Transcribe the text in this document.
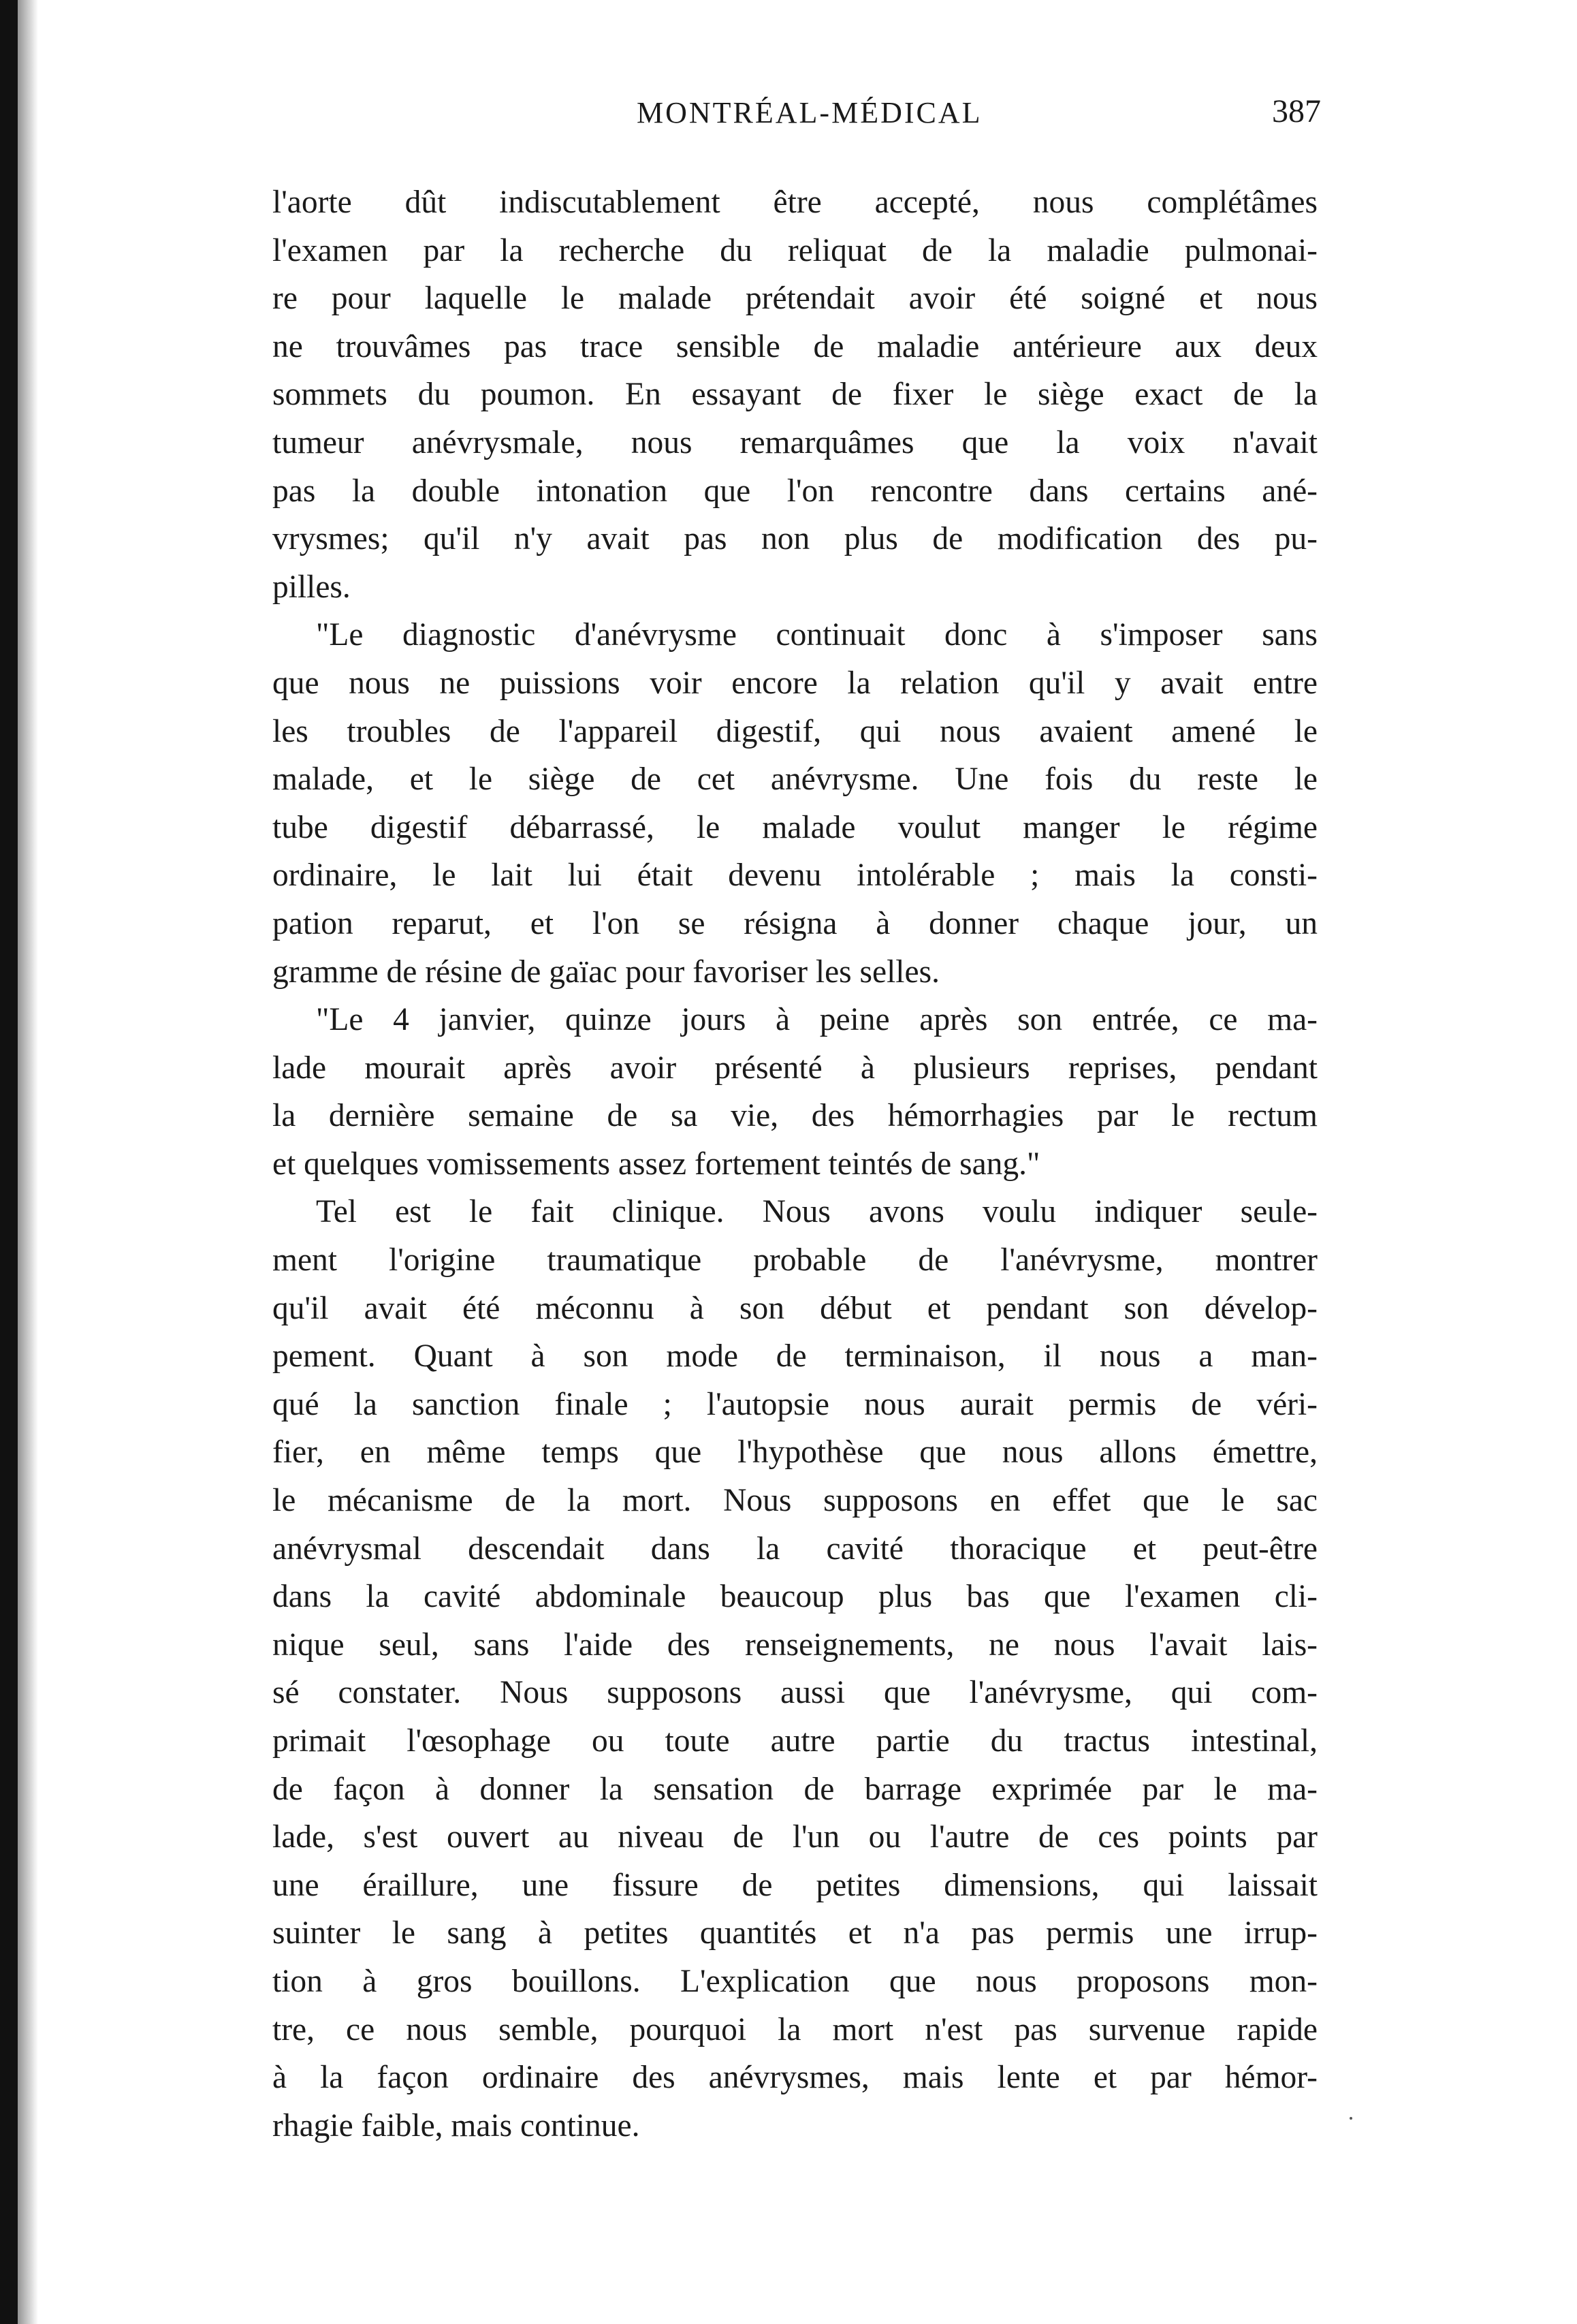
MONTRÉAL-MÉDICAL	387
l'aorte dût indiscutablement être accepté, nous complétâmes
l'examen par la recherche du reliquat de la maladie pulmonai-
re pour laquelle le malade prétendait avoir été soigné et nous
ne trouvâmes pas trace sensible de maladie antérieure aux deux
sommets du poumon. En essayant de fixer le siège exact de la
tumeur anévrysmale, nous remarquâmes que la voix n'avait
pas la double intonation que l'on rencontre dans certains ané-
vrysmes; qu'il n'y avait pas non plus de modification des pu-
pilles.
"Le diagnostic d'anévrysme continuait donc à s'imposer sans
que nous ne puissions voir encore la relation qu'il y avait entre
les troubles de l'appareil digestif, qui nous avaient amené le
malade, et le siège de cet anévrysme. Une fois du reste le
tube digestif débarrassé, le malade voulut manger le régime
ordinaire, le lait lui était devenu intolérable ; mais la consti-
pation reparut, et l'on se résigna à donner chaque jour, un
gramme de résine de gaïac pour favoriser les selles.
"Le 4 janvier, quinze jours à peine après son entrée, ce ma-
lade mourait après avoir présenté à plusieurs reprises, pendant
la dernière semaine de sa vie, des hémorrhagies par le rectum
et quelques vomissements assez fortement teintés de sang."
Tel est le fait clinique. Nous avons voulu indiquer seule-
ment l'origine traumatique probable de l'anévrysme, montrer
qu'il avait été méconnu à son début et pendant son dévelop-
pement. Quant à son mode de terminaison, il nous a man-
qué la sanction finale ; l'autopsie nous aurait permis de véri-
fier, en même temps que l'hypothèse que nous allons émettre,
le mécanisme de la mort. Nous supposons en effet que le sac
anévrysmal descendait dans la cavité thoracique et peut-être
dans la cavité abdominale beaucoup plus bas que l'examen cli-
nique seul, sans l'aide des renseignements, ne nous l'avait lais-
sé constater. Nous supposons aussi que l'anévrysme, qui com-
primait l'œsophage ou toute autre partie du tractus intestinal,
de façon à donner la sensation de barrage exprimée par le ma-
lade, s'est ouvert au niveau de l'un ou l'autre de ces points par
une éraillure, une fissure de petites dimensions, qui laissait
suinter le sang à petites quantités et n'a pas permis une irrup-
tion à gros bouillons. L'explication que nous proposons mon-
tre, ce nous semble, pourquoi la mort n'est pas survenue rapide
à la façon ordinaire des anévrysmes, mais lente et par hémor-
rhagie faible, mais continue.
